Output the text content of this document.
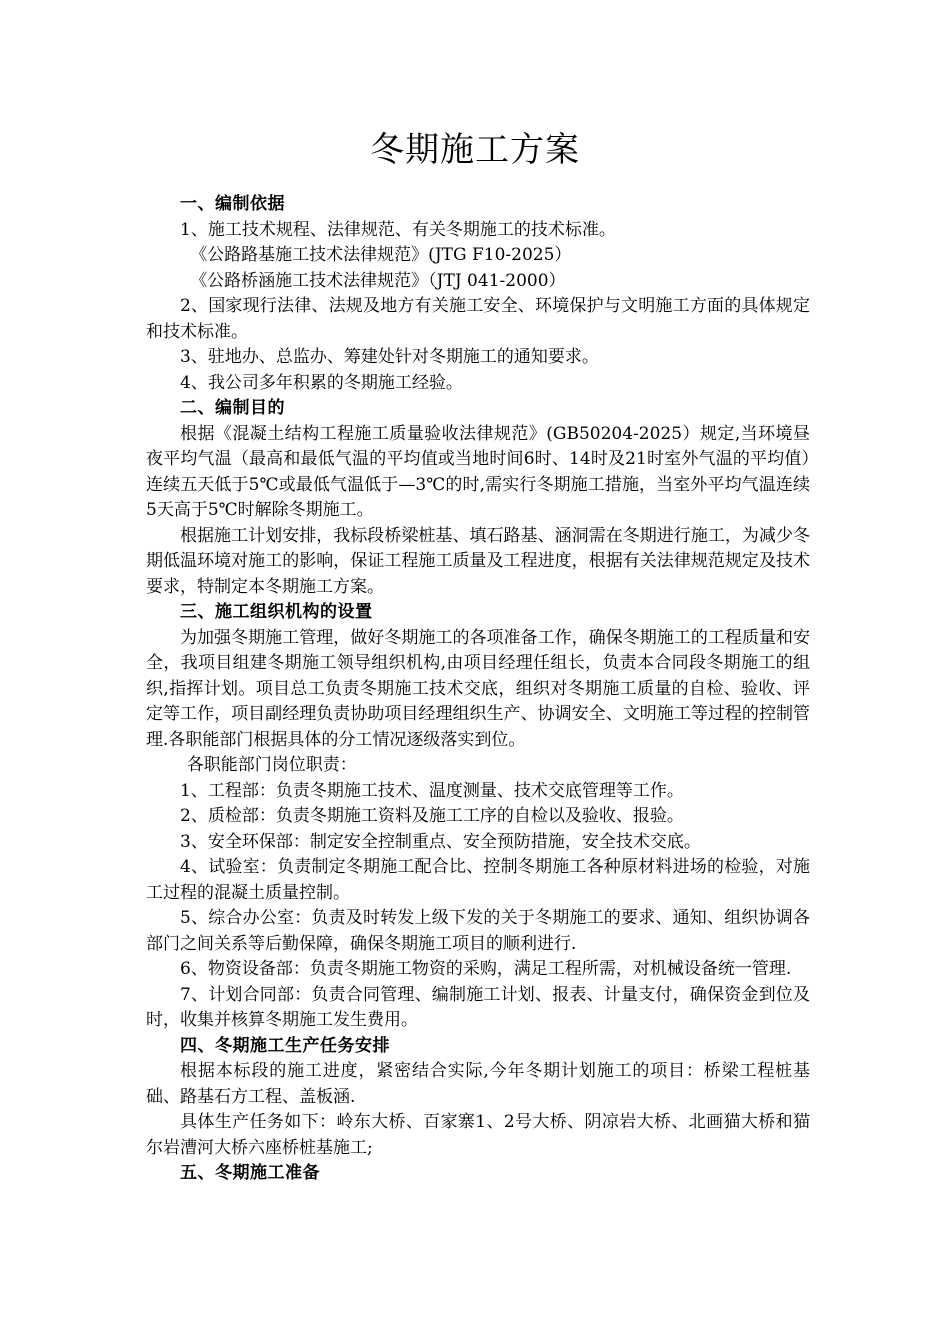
冬期施工方案

一、编制依据

1、施工技术规程、法律规范、有关冬期施工的技术标准。

《公路路基施工技术法律规范》(JTG F10-2025）

《公路桥涵施工技术法律规范》（JTJ 041-2000）

2、国家现行法律、法规及地方有关施工安全、环境保护与文明施工方面的具体规定和技术标准。

3、驻地办、总监办、筹建处针对冬期施工的通知要求。

4、我公司多年积累的冬期施工经验。

二、编制目的

根据《混凝土结构工程施工质量验收法律规范》(GB50204-2025）规定,当环境昼夜平均气温（最高和最低气温的平均值或当地时间6时、14时及21时室外气温的平均值）连续五天低于5℃或最低气温低于—3℃的时,需实行冬期施工措施，当室外平均气温连续5天高于5℃时解除冬期施工。

根据施工计划安排，我标段桥梁桩基、填石路基、涵洞需在冬期进行施工，为减少冬期低温环境对施工的影响，保证工程施工质量及工程进度，根据有关法律规范规定及技术要求，特制定本冬期施工方案。

三、施工组织机构的设置

为加强冬期施工管理，做好冬期施工的各项准备工作，确保冬期施工的工程质量和安全，我项目组建冬期施工领导组织机构,由项目经理任组长，负责本合同段冬期施工的组织,指挥计划。项目总工负责冬期施工技术交底，组织对冬期施工质量的自检、验收、评定等工作，项目副经理负责协助项目经理组织生产、协调安全、文明施工等过程的控制管理.各职能部门根据具体的分工情况逐级落实到位。

各职能部门岗位职责：

1、工程部：负责冬期施工技术、温度测量、技术交底管理等工作。

2、质检部：负责冬期施工资料及施工工序的自检以及验收、报验。

3、安全环保部：制定安全控制重点、安全预防措施，安全技术交底。

4、试验室：负责制定冬期施工配合比、控制冬期施工各种原材料进场的检验，对施工过程的混凝土质量控制。

5、综合办公室：负责及时转发上级下发的关于冬期施工的要求、通知、组织协调各部门之间关系等后勤保障，确保冬期施工项目的顺利进行.

6、物资设备部：负责冬期施工物资的采购，满足工程所需，对机械设备统一管理.

7、计划合同部：负责合同管理、编制施工计划、报表、计量支付，确保资金到位及时，收集并核算冬期施工发生费用。

四、冬期施工生产任务安排

根据本标段的施工进度，紧密结合实际,今年冬期计划施工的项目：桥梁工程桩基础、路基石方工程、盖板涵.

具体生产任务如下：岭东大桥、百家寨1、2号大桥、阴凉岩大桥、北画猫大桥和猫尔岩漕河大桥六座桥桩基施工;

五、冬期施工准备
